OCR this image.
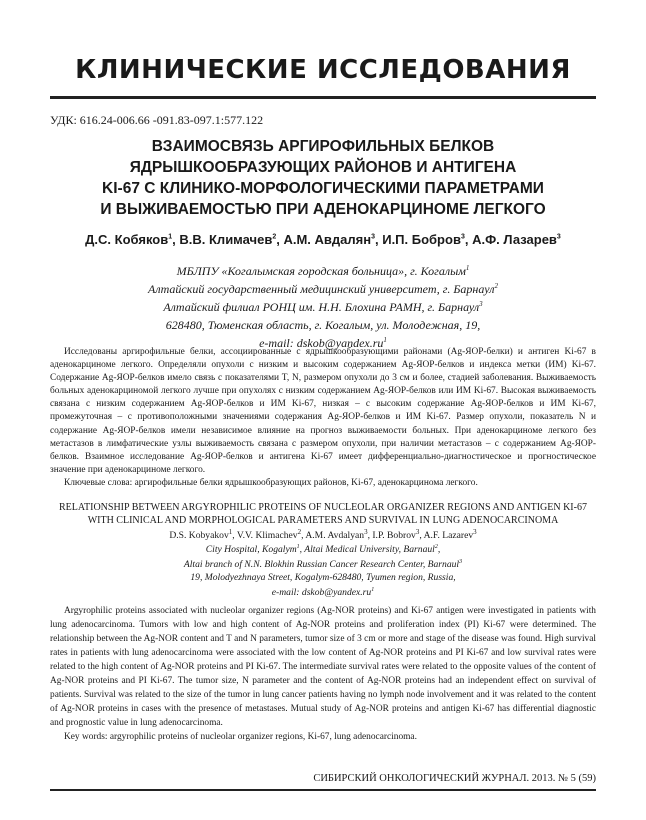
КЛИНИЧЕСКИЕ ИССЛЕДОВАНИЯ
УДК: 616.24-006.66 -091.83-097.1:577.122
ВЗАИМОСВЯЗЬ АРГИРОФИЛЬНЫХ БЕЛКОВ
ЯДРЫШКООБРАЗУЮЩИХ РАЙОНОВ И АНТИГЕНА
KI-67 С КЛИНИКО-МОРФОЛОГИЧЕСКИМИ ПАРАМЕТРАМИ
И ВЫЖИВАЕМОСТЬЮ ПРИ АДЕНОКАРЦИНОМЕ ЛЕГКОГО
Д.С. Кобяков$^1$, В.В. Климачев$^2$, А.М. Авдалян$^3$, И.П. Бобров$^3$, А.Ф. Лазарев$^3$
МБЛПУ «Когалымская городская больница», г. Когалым$^1$
Алтайский государственный медицинский университет, г. Барнаул$^2$
Алтайский филиал РОНЦ им. Н.Н. Блохина РАМН, г. Барнаул$^3$
628480, Тюменская область, г. Когалым, ул. Молодежная, 19,
e-mail: $dskob@yandex.ru^1$

Исследованы аргирофильные белки, ассоциированные с ядрышкообразующими районами (Ag-ЯОР-белки) и антиген Ki-67 в аденокарциноме легкого. Определяли опухоли с низким и высоким содержанием Ag-ЯОР-белков и индекса метки (ИМ) Ki-67. Содержание Ag-ЯОР-белков имело связь с показателями T, N, размером опухоли до 3 см и более, стадией заболевания. Выживаемость больных аденокарциномой легкого лучше при опухолях с низким содержанием Ag-ЯОР-белков или ИМ Ki-67. Высокая выживаемость связана с низким содержанием Ag-ЯОР-белков и ИМ Ki-67, низкая – с высоким содержание Ag-ЯОР-белков и ИМ Ki-67, промежуточная – с противоположными значениями содержания Ag-ЯОР-белков и ИМ Ki-67. Размер опухоли, показатель N и содержание Ag-ЯОР-белков имели независимое влияние на прогноз выживаемости больных. При аденокарциноме легкого без метастазов в лимфатические узлы выживаемость связана с размером опухоли, при наличии метастазов – с содержанием Ag-ЯОР-белков. Взаимное исследование Ag-ЯОР-белков и антигена Ki-67 имеет дифференциально-диагностическое и прогностическое значение при аденокарциноме легкого.

Ключевые слова: аргирофильные белки ядрышкообразующих районов, Ki-67, аденокарцинома легкого.

RELATIONSHIP BETWEEN ARGYROPHILIC PROTEINS OF NUCLEOLAR ORGANIZER REGIONS AND ANTIGEN KI-67
WITH CLINICAL AND MORPHOLOGICAL PARAMETERS AND SURVIVAL IN LUNG ADENOCARCINOMA
D.S. Kobyakov$^1$, V.V. Klimachev$^2$, A.M. Avdalyan$^3$, I.P. Bobrov$^3$, A.F. Lazarev$^3$
City Hospital, Kogalym$^1$, Altai Medical University, Barnaul$^2$,
Altai branch of N.N. Blokhin Russian Cancer Research Center, Barnaul$^3$
19, Molodyezhnaya Street, Kogalym-628480, Tyumen region, Russia,
e-mail: $dskob@yandex.ru^1$

Argyrophilic proteins associated with nucleolar organizer regions (Ag-NOR proteins) and Ki-67 antigen were investigated in patients with lung adenocarcinoma. Tumors with low and high content of Ag-NOR proteins and proliferation index (PI) Ki-67 were determined. The relationship between the Ag-NOR content and T and N parameters, tumor size of 3 cm or more and stage of the disease was found. High survival rates in patients with lung adenocarcinoma were associated with the low content of Ag-NOR proteins and PI Ki-67 and low survival rates were related to the high content of Ag-NOR proteins and PI Ki-67. The intermediate survival rates were related to the opposite values of the content of Ag-NOR proteins and PI Ki-67. The tumor size, N parameter and the content of Ag-NOR proteins had an independent effect on survival of patients. Survival was related to the size of the tumor in lung cancer patients having no lymph node involvement and it was related to the content of Ag-NOR proteins in cases with the presence of metastases. Mutual study of Ag-NOR proteins and antigen Ki-67 has differential diagnostic and prognostic value in lung adenocarcinoma.

Key words: argyrophilic proteins of nucleolar organizer regions, Ki-67, lung adenocarcinoma.

СИБИРСКИЙ ОНКОЛОГИЧЕСКИЙ ЖУРНАЛ. 2013. № 5 (59)
